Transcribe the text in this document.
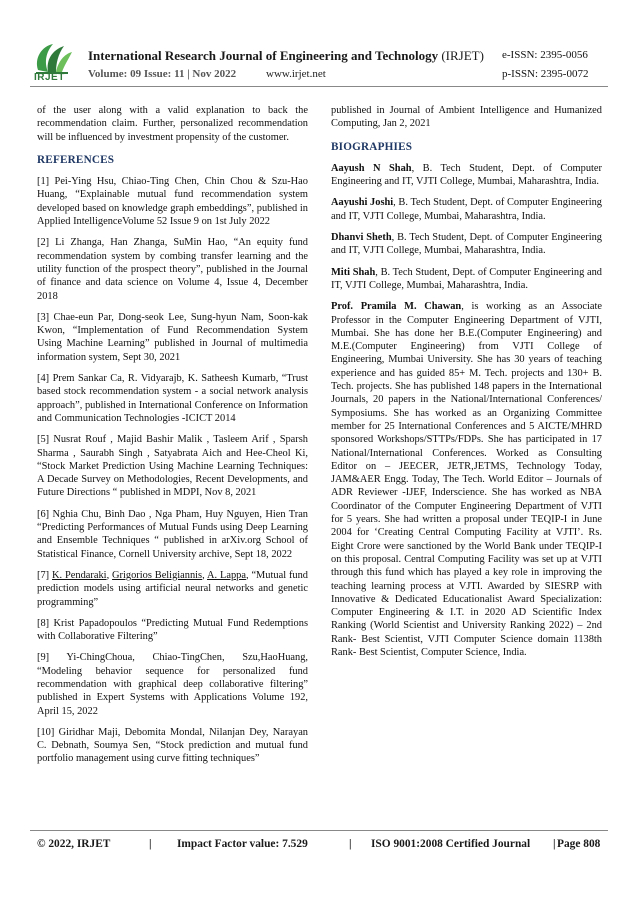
IRJET
International Research Journal of Engineering and Technology (IRJET) e-ISSN: 2395-0056
Volume: 09 Issue: 11 | Nov 2022	www.irjet.net	p-ISSN: 2395-0072

of the user along with a valid explanation to back the recommendation claim. Further, personalized recommendation will be influenced by investment propensity of the customer.

REFERENCES

[1] Pei-Ying Hsu, Chiao-Ting Chen, Chin Chou & Szu-Hao Huang, “Explainable mutual fund recommendation system developed based on knowledge graph embeddings”, published in Applied IntelligenceVolume 52 Issue 9 on 1st July 2022

[2] Li Zhanga, Han Zhanga, SuMin Hao, “An equity fund recommendation system by combing transfer learning and the utility function of the prospect theory”, published in the Journal of finance and data science on Volume 4, Issue 4, December 2018

[3] Chae-eun Par, Dong-seok Lee, Sung-hyun Nam, Soon-kak Kwon, “Implementation of Fund Recommendation System Using Machine Learning” published in Journal of multimedia information system, Sept 30, 2021

[4] Prem Sankar Ca, R. Vidyarajb, K. Satheesh Kumarb, “Trust based stock recommendation system - a social network analysis approach”, published in International Conference on Information and Communication Technologies -ICICT 2014

[5] Nusrat Rouf , Majid Bashir Malik , Tasleem Arif , Sparsh Sharma , Saurabh Singh , Satyabrata Aich and Hee-Cheol Ki, “Stock Market Prediction Using Machine Learning Techniques: A Decade Survey on Methodologies, Recent Developments, and Future Directions “ published in MDPI, Nov 8, 2021

[6] Nghia Chu, Binh Dao , Nga Pham, Huy Nguyen, Hien Tran “Predicting Performances of Mutual Funds using Deep Learning and Ensemble Techniques “ published in arXiv.org School of Statistical Finance, Cornell University archive, Sept 18, 2022

[7] K. Pendaraki, Grigorios Beligiannis, A. Lappa, “Mutual fund prediction models using artificial neural networks and genetic programming”

[8] Krist Papadopoulos “Predicting Mutual Fund Redemptions with Collaborative Filtering”

[9] Yi-ChingChoua, Chiao-TingChen, Szu,HaoHuang, “Modeling behavior sequence for personalized fund recommendation with graphical deep collaborative filtering” published in Expert Systems with Applications Volume 192, April 15, 2022

[10] Giridhar Maji, Debomita Mondal, Nilanjan Dey, Narayan C. Debnath, Soumya Sen, “Stock prediction and mutual fund portfolio management using curve fitting techniques”

published in Journal of Ambient Intelligence and Humanized Computing, Jan 2, 2021

BIOGRAPHIES

Aayush N Shah, B. Tech Student, Dept. of Computer Engineering and IT, VJTI College, Mumbai, Maharashtra, India.

Aayushi Joshi, B. Tech Student, Dept. of Computer Engineering and IT, VJTI College, Mumbai, Maharashtra, India.

Dhanvi Sheth, B. Tech Student, Dept. of Computer Engineering and IT, VJTI College, Mumbai, Maharashtra, India.

Miti Shah, B. Tech Student, Dept. of Computer Engineering and IT, VJTI College, Mumbai, Maharashtra, India.

Prof. Pramila M. Chawan, is working as an Associate Professor in the Computer Engineering Department of VJTI, Mumbai. She has done her B.E.(Computer Engineering) and M.E.(Computer Engineering) from VJTI College of Engineering, Mumbai University. She has 30 years of teaching experience and has guided 85+ M. Tech. projects and 130+ B. Tech. projects. She has published 148 papers in the International Journals, 20 papers in the National/International Conferences/ Symposiums. She has worked as an Organizing Committee member for 25 International Conferences and 5 AICTE/MHRD sponsored Workshops/STTPs/FDPs. She has participated in 17 National/International Conferences. Worked as Consulting Editor on – JEECER, JETR,JETMS, Technology Today, JAM&AER Engg. Today, The Tech. World Editor – Journals of ADR Reviewer -IJEF, Inderscience. She has worked as NBA Coordinator of the Computer Engineering Department of VJTI for 5 years. She had written a proposal under TEQIP-I in June 2004 for ‘Creating Central Computing Facility at VJTI’. Rs. Eight Crore were sanctioned by the World Bank under TEQIP-I on this proposal. Central Computing Facility was set up at VJTI through this fund which has played a key role in improving the teaching learning process at VJTI. Awarded by SIESRP with Innovative & Dedicated Educationalist Award Specialization: Computer Engineering & I.T. in 2020 AD Scientific Index Ranking (World Scientist and University Ranking 2022) – 2nd Rank- Best Scientist, VJTI Computer Science domain 1138th Rank- Best Scientist, Computer Science, India.

© 2022, IRJET	| Impact Factor value: 7.529	| ISO 9001:2008 Certified Journal | Page 808
